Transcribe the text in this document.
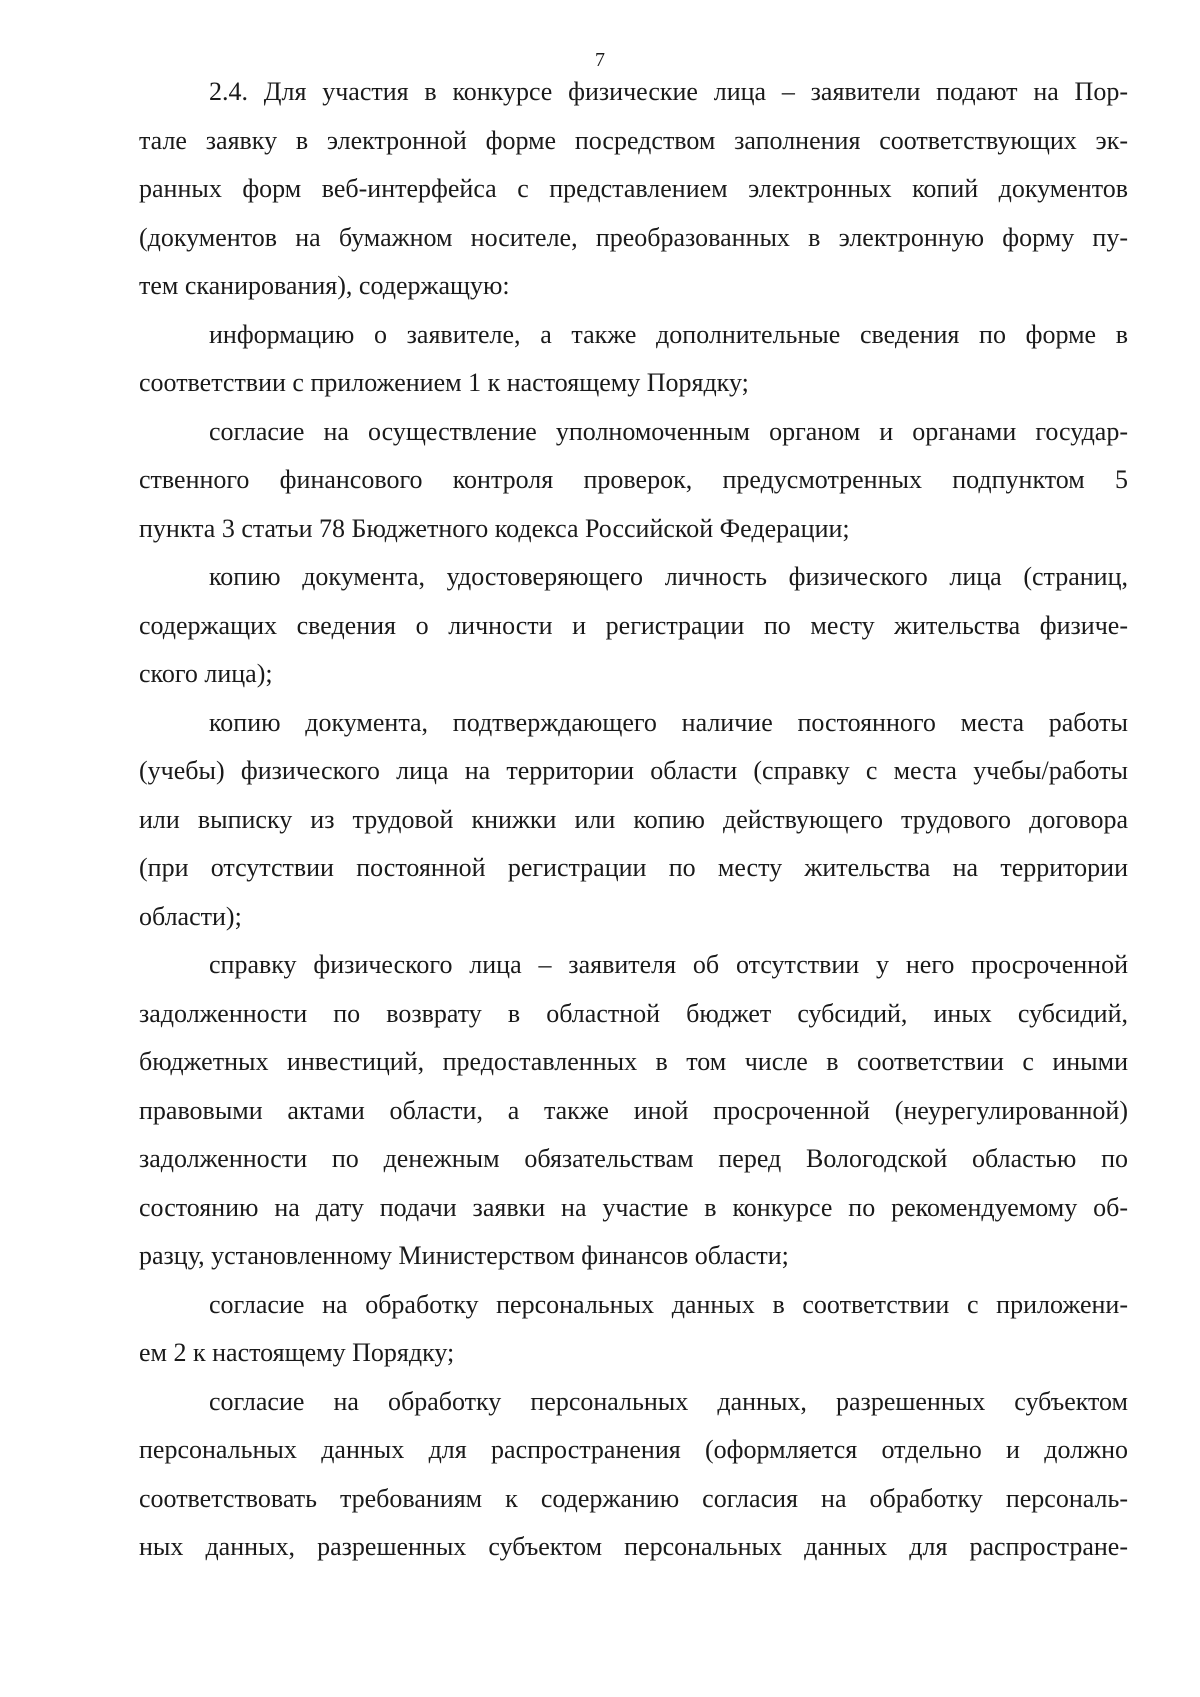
7
2.4. Для участия в конкурсе физические лица – заявители подают на Пор-
тале заявку в электронной форме посредством заполнения соответствующих эк-
ранных форм веб-интерфейса с представлением электронных копий документов
(документов на бумажном носителе, преобразованных в электронную форму пу-
тем сканирования), содержащую:
информацию о заявителе, а также дополнительные сведения по форме в
соответствии с приложением 1 к настоящему Порядку;
согласие на осуществление уполномоченным органом и органами государ-
ственного финансового контроля проверок, предусмотренных подпунктом 5
пункта 3 статьи 78 Бюджетного кодекса Российской Федерации;
копию документа, удостоверяющего личность физического лица (страниц,
содержащих сведения о личности и регистрации по месту жительства физиче-
ского лица);
копию документа, подтверждающего наличие постоянного места работы
(учебы) физического лица на территории области (справку с места учебы/работы
или выписку из трудовой книжки или копию действующего трудового договора
(при отсутствии постоянной регистрации по месту жительства на территории
области);
справку физического лица – заявителя об отсутствии у него просроченной
задолженности по возврату в областной бюджет субсидий, иных субсидий,
бюджетных инвестиций, предоставленных в том числе в соответствии с иными
правовыми актами области, а также иной просроченной (неурегулированной)
задолженности по денежным обязательствам перед Вологодской областью по
состоянию на дату подачи заявки на участие в конкурсе по рекомендуемому об-
разцу, установленному Министерством финансов области;
согласие на обработку персональных данных в соответствии с приложени-
ем 2 к настоящему Порядку;
согласие на обработку персональных данных, разрешенных субъектом
персональных данных для распространения (оформляется отдельно и должно
соответствовать требованиям к содержанию согласия на обработку персональ-
ных данных, разрешенных субъектом персональных данных для распростране-
